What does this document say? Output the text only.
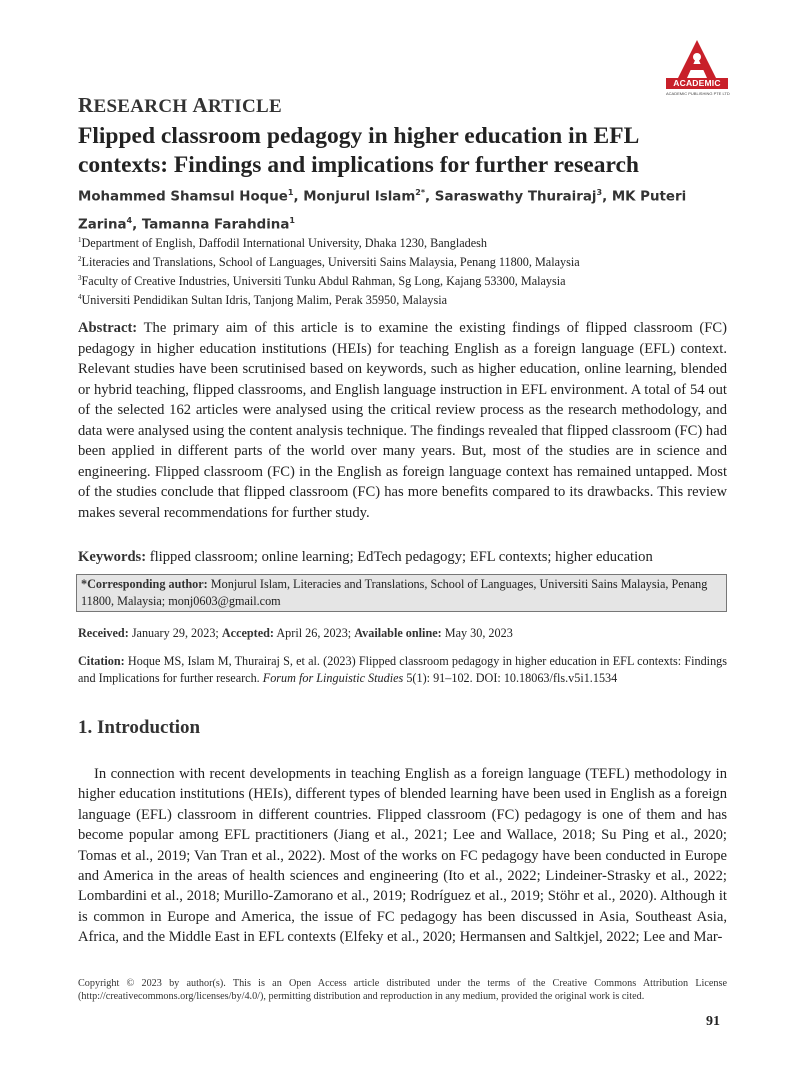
ACADEMIC
ACADEMIC PUBLISHING PTE LTD
RESEARCH ARTICLE
Flipped classroom pedagogy in higher education in EFL contexts: Findings and implications for further research

Mohammed Shamsul Hoque$^1$, Monjurul Islam$^{2*}$, Saraswathy Thurairaj$^3$, MK Puteri Zarina$^4$, Tamanna Farahdina$^1$

$^1$Department of English, Daffodil International University, Dhaka 1230, Bangladesh
$^2$Literacies and Translations, School of Languages, Universiti Sains Malaysia, Penang 11800, Malaysia
$^3$Faculty of Creative Industries, Universiti Tunku Abdul Rahman, Sg Long, Kajang 53300, Malaysia
$^4$Universiti Pendidikan Sultan Idris, Tanjong Malim, Perak 35950, Malaysia

Abstract: The primary aim of this article is to examine the existing findings of flipped classroom (FC) pedagogy in higher education institutions (HEIs) for teaching English as a foreign language (EFL) context. Relevant studies have been scrutinised based on keywords, such as higher education, online learning, blended or hybrid teaching, flipped classrooms, and English language instruction in EFL environment. A total of 54 out of the selected 162 articles were analysed using the critical review process as the research methodology, and data were analysed using the content analysis technique. The findings revealed that flipped classroom (FC) had been applied in different parts of the world over many years. But, most of the studies are in science and engineering. Flipped classroom (FC) in the English as foreign language context has remained untapped. Most of the studies conclude that flipped classroom (FC) has more benefits compared to its drawbacks. This review makes several recommendations for further study.

Keywords: flipped classroom; online learning; EdTech pedagogy; EFL contexts; higher education

*Corresponding author: Monjurul Islam, Literacies and Translations, School of Languages, Universiti Sains Malaysia, Penang 11800, Malaysia; monj0603@gmail.com

Received: January 29, 2023; Accepted: April 26, 2023; Available online: May 30, 2023

Citation: Hoque MS, Islam M, Thurairaj S, et al. (2023) Flipped classroom pedagogy in higher education in EFL contexts: Findings and Implications for further research. Forum for Linguistic Studies 5(1): 91–102. DOI: 10.18063/fls.v5i1.1534

1. Introduction

In connection with recent developments in teaching English as a foreign language (TEFL) methodology in higher education institutions (HEIs), different types of blended learning have been used in English as a foreign language (EFL) classroom in different countries. Flipped classroom (FC) pedagogy is one of them and has become popular among EFL practitioners (Jiang et al., 2021; Lee and Wallace, 2018; Su Ping et al., 2020; Tomas et al., 2019; Van Tran et al., 2022). Most of the works on FC pedagogy have been conducted in Europe and America in the areas of health sciences and engineering (Ito et al., 2022; Lindeiner-Strasky et al., 2022; Lombardini et al., 2018; Murillo-Zamorano et al., 2019; Rodríguez et al., 2019; Stöhr et al., 2020). Although it is common in Europe and America, the issue of FC pedagogy has been discussed in Asia, Southeast Asia, Africa, and the Middle East in EFL contexts (Elfeky et al., 2020; Hermansen and Saltkjel, 2022; Lee and Mar-

Copyright © 2023 by author(s). This is an Open Access article distributed under the terms of the Creative Commons Attribution License (http://creativecommons.org/licenses/by/4.0/), permitting distribution and reproduction in any medium, provided the original work is cited.

91
